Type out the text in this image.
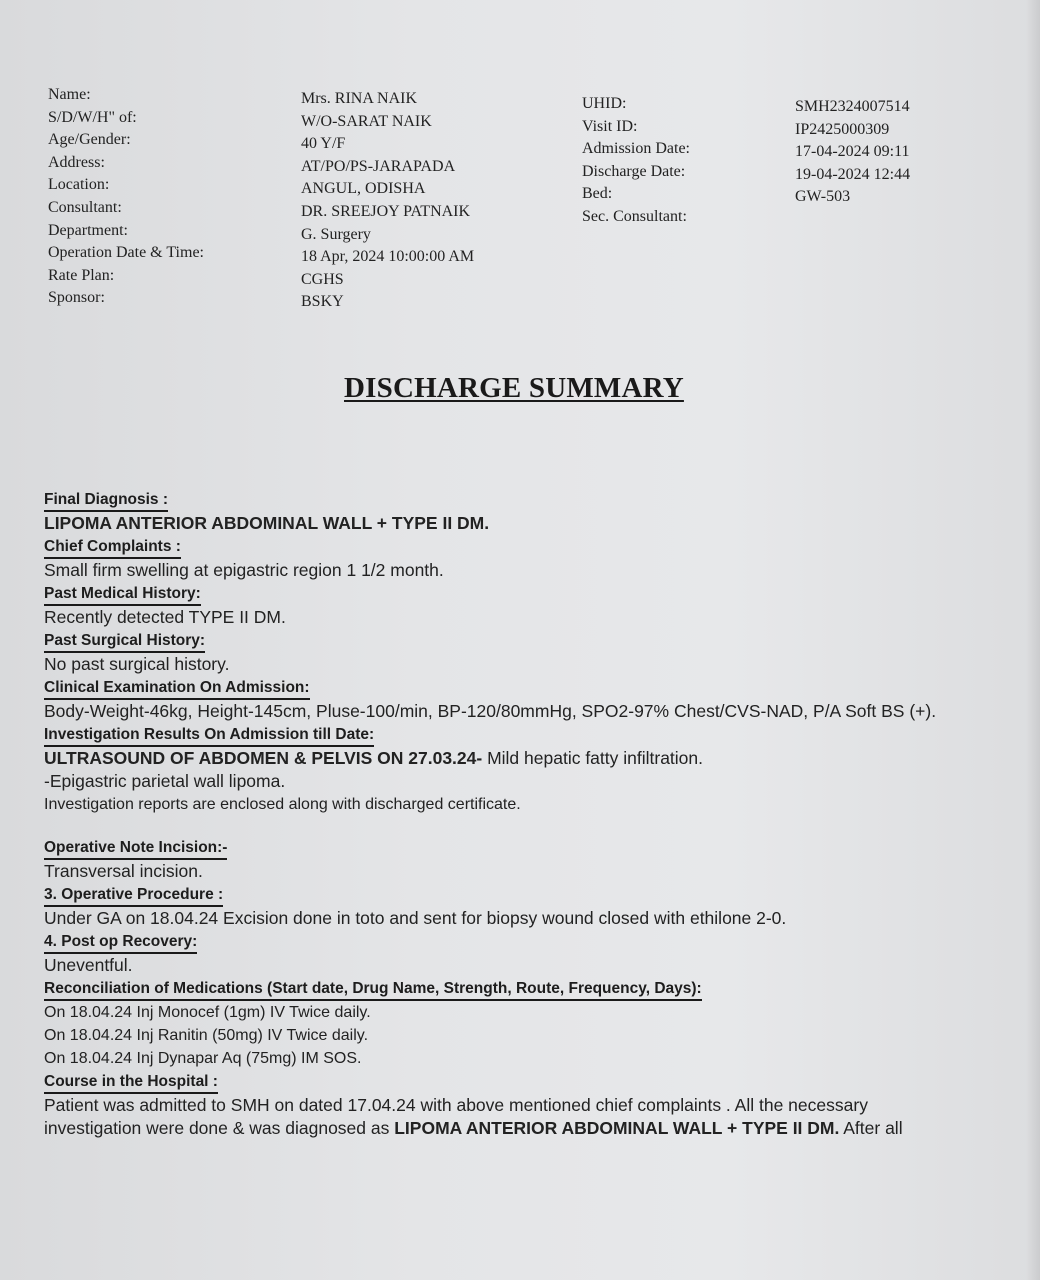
Name:
S/D/W/H" of:
Age/Gender:
Address:
Location:
Consultant:
Department:
Operation Date & Time:
Rate Plan:
Sponsor:
Mrs. RINA NAIK
W/O-SARAT NAIK
40 Y/F
AT/PO/PS-JARAPADA
ANGUL, ODISHA
DR. SREEJOY PATNAIK
G. Surgery
18 Apr, 2024 10:00:00 AM
CGHS
BSKY
UHID:
Visit ID:
Admission Date:
Discharge Date:
Bed:
Sec. Consultant:
SMH2324007514
IP2425000309
17-04-2024 09:11
19-04-2024 12:44
GW-503
DISCHARGE SUMMARY
Final Diagnosis :
LIPOMA ANTERIOR ABDOMINAL WALL + TYPE II DM.
Chief Complaints :
Small firm swelling at epigastric region 1 1/2 month.
Past Medical History:
Recently detected TYPE II DM.
Past Surgical History:
No past surgical history.
Clinical Examination On Admission:
Body-Weight-46kg, Height-145cm, Pluse-100/min, BP-120/80mmHg, SPO2-97% Chest/CVS-NAD, P/A Soft BS (+).
Investigation Results On Admission till Date:
ULTRASOUND OF ABDOMEN & PELVIS ON 27.03.24- Mild hepatic fatty infiltration.
-Epigastric parietal wall lipoma.
Investigation reports are enclosed along with discharged certificate.
Operative Note Incision:-
Transversal incision.
3. Operative Procedure :
Under GA on 18.04.24 Excision done in toto and sent for biopsy wound closed with ethilone 2-0.
4. Post op Recovery:
Uneventful.
Reconciliation of Medications (Start date, Drug Name, Strength, Route, Frequency, Days):
On 18.04.24 Inj Monocef (1gm) IV Twice daily.
On 18.04.24 Inj Ranitin (50mg) IV Twice daily.
On 18.04.24 Inj Dynapar Aq (75mg) IM SOS.
Course in the Hospital :
Patient was admitted to SMH on dated 17.04.24 with above mentioned chief complaints . All the necessary
investigation were done & was diagnosed as LIPOMA ANTERIOR ABDOMINAL WALL + TYPE II DM. After all
